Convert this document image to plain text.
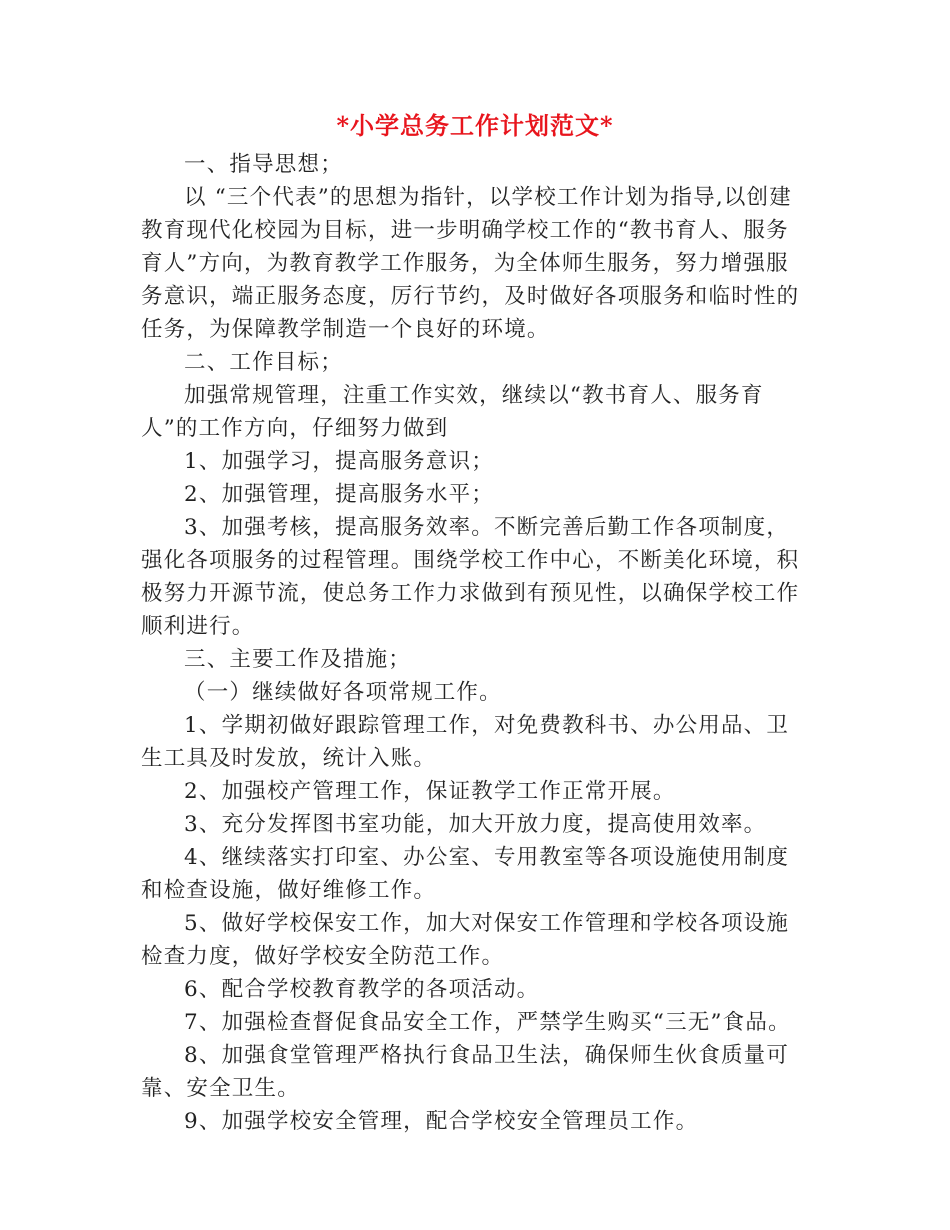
*小学总务工作计划范文*

一、指导思想；

以 “三个代表”的思想为指针，以学校工作计划为指导,以创建教育现代化校园为目标，进一步明确学校工作的“教书育人、服务育人”方向，为教育教学工作服务，为全体师生服务，努力增强服务意识，端正服务态度，厉行节约，及时做好各项服务和临时性的任务，为保障教学制造一个良好的环境。

二、工作目标；

加强常规管理，注重工作实效，继续以“教书育人、服务育人”的工作方向，仔细努力做到

1、加强学习，提高服务意识；

2、加强管理，提高服务水平；

3、加强考核，提高服务效率。不断完善后勤工作各项制度，强化各项服务的过程管理。围绕学校工作中心，不断美化环境，积极努力开源节流，使总务工作力求做到有预见性，以确保学校工作顺利进行。

三、主要工作及措施；

（一）继续做好各项常规工作。

1、学期初做好跟踪管理工作，对免费教科书、办公用品、卫生工具及时发放，统计入账。

2、加强校产管理工作，保证教学工作正常开展。

3、充分发挥图书室功能，加大开放力度，提高使用效率。

4、继续落实打印室、办公室、专用教室等各项设施使用制度和检查设施，做好维修工作。

5、做好学校保安工作，加大对保安工作管理和学校各项设施检查力度，做好学校安全防范工作。

6、配合学校教育教学的各项活动。

7、加强检查督促食品安全工作，严禁学生购买“三无”食品。

8、加强食堂管理严格执行食品卫生法，确保师生伙食质量可靠、安全卫生。

9、加强学校安全管理，配合学校安全管理员工作。
